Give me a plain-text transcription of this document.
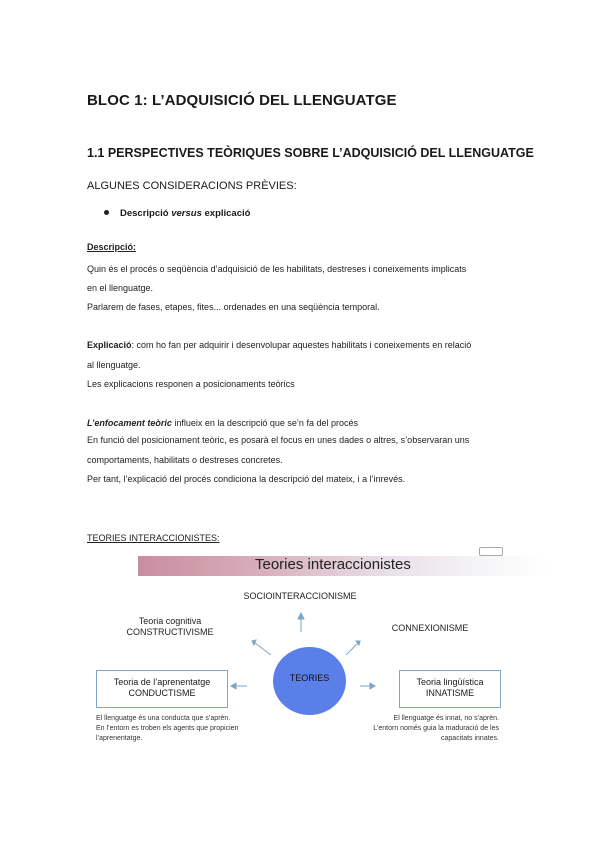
BLOC 1: L’ADQUISICIÓ DEL LLENGUATGE
1.1 PERSPECTIVES TEÒRIQUES SOBRE L’ADQUISICIÓ DEL LLENGUATGE
ALGUNES CONSIDERACIONS PRÈVIES:
Descripció versus explicació
Descripció:
Quin és el procés o seqüència d’adquisició de les habilitats, destreses i coneixements implicats
en el llenguatge.
Parlarem de fases, etapes, fites... ordenades en una seqüència temporal.
Explicació: com ho fan per adquirir i desenvolupar aquestes habilitats i coneixements en relació
al llenguatge.
Les explicacions responen a posicionaments teòrics
L’enfocament teòric influeix en la descripció que se’n fa del procés
En funció del posicionament teòric, es posarà el focus en unes dades o altres, s’observaran uns
comportaments, habilitats o destreses concretes.
Per tant, l’explicació del procés condiciona la descripció del mateix, i a l’inrevés.
TEORIES INTERACCIONISTES:
Teories interaccionistes
SOCIOINTERACCIONISME
Teoria cognitiva
CONSTRUCTIVISME	CONNEXIONISME
Teoria de l’aprenentatge
CONDUCTISME
Teoria lingüística
INNATISME
TEORIES
El llenguatge és una conducta que s’aprèn.
En l’entorn es troben els agents que propicien
l’aprenentatge.
El llenguatge és innat, no s’aprèn.
L’entorn només guia la maduració de les
capacitats innates.
